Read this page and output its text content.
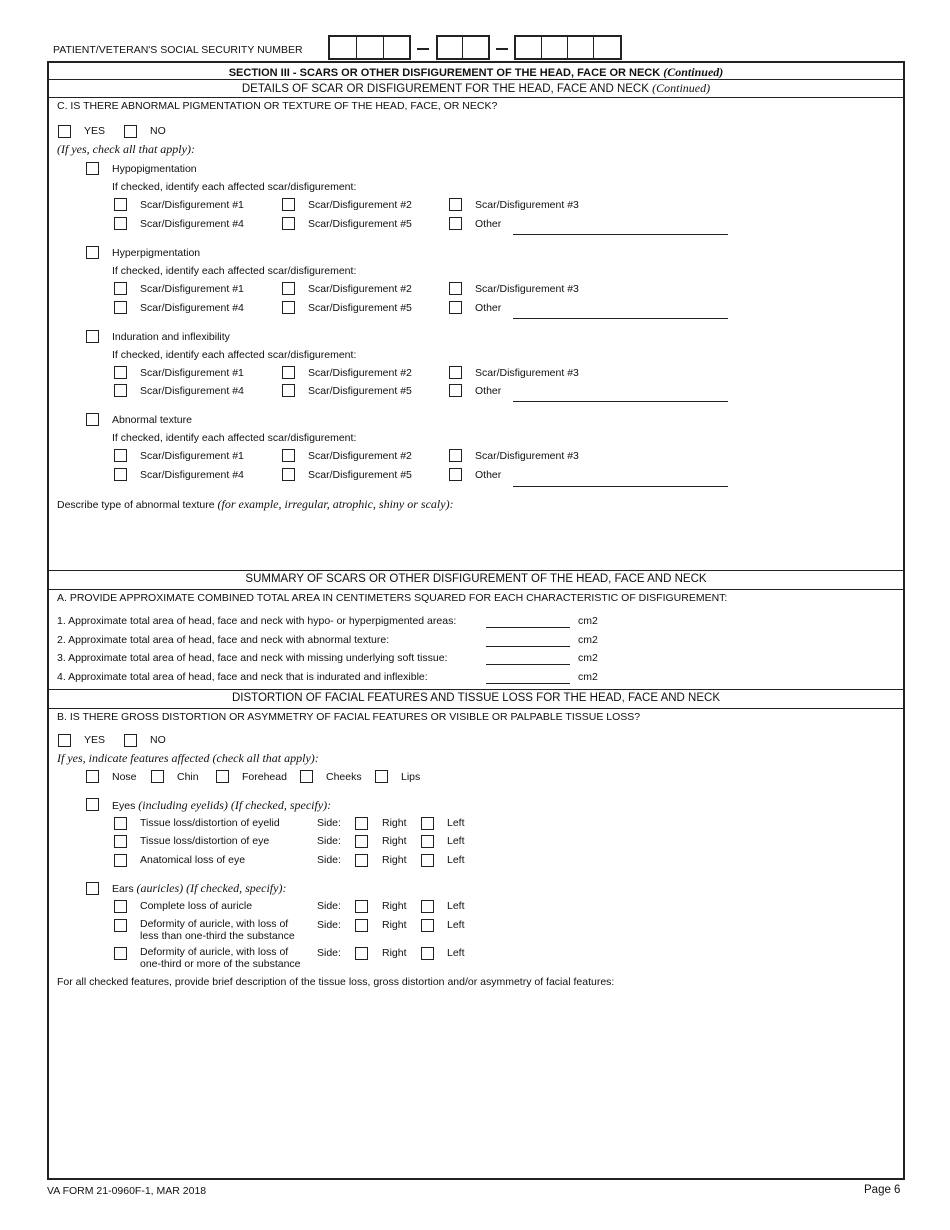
PATIENT/VETERAN'S SOCIAL SECURITY NUMBER
SECTION III - SCARS OR OTHER DISFIGUREMENT OF THE HEAD, FACE OR NECK (Continued)
DETAILS OF SCAR OR DISFIGUREMENT FOR THE HEAD, FACE AND NECK (Continued)
C. IS THERE ABNORMAL PIGMENTATION OR TEXTURE OF THE HEAD, FACE, OR NECK?
YES	NO
(If yes, check all that apply):
Hypopigmentation
If checked, identify each affected scar/disfigurement:
Scar/Disfigurement #1	Scar/Disfigurement #2	Scar/Disfigurement #3
Scar/Disfigurement #4	Scar/Disfigurement #5	Other
Hyperpigmentation
If checked, identify each affected scar/disfigurement:
Scar/Disfigurement #1	Scar/Disfigurement #2	Scar/Disfigurement #3
Scar/Disfigurement #4	Scar/Disfigurement #5	Other
Induration and inflexibility
If checked, identify each affected scar/disfigurement:
Scar/Disfigurement #1	Scar/Disfigurement #2	Scar/Disfigurement #3
Scar/Disfigurement #4	Scar/Disfigurement #5	Other
Abnormal texture
If checked, identify each affected scar/disfigurement:
Scar/Disfigurement #1	Scar/Disfigurement #2	Scar/Disfigurement #3
Scar/Disfigurement #4	Scar/Disfigurement #5	Other
Describe type of abnormal texture (for example, irregular, atrophic, shiny or scaly):
SUMMARY OF SCARS OR OTHER DISFIGUREMENT OF THE HEAD, FACE AND NECK
A. PROVIDE APPROXIMATE COMBINED TOTAL AREA IN CENTIMETERS SQUARED FOR EACH CHARACTERISTIC OF DISFIGUREMENT:
1. Approximate total area of head, face and neck with hypo- or hyperpigmented areas:	cm2
2. Approximate total area of head, face and neck with abnormal texture:	cm2
3. Approximate total area of head, face and neck with missing underlying soft tissue:	cm2
4. Approximate total area of head, face and neck that is indurated and inflexible:	cm2
DISTORTION OF FACIAL FEATURES AND TISSUE LOSS FOR THE HEAD, FACE AND NECK
B. IS THERE GROSS DISTORTION OR ASYMMETRY OF FACIAL FEATURES OR VISIBLE OR PALPABLE TISSUE LOSS?
YES	NO
If yes, indicate features affected (check all that apply):
Nose	Chin	Forehead	Cheeks	Lips
Eyes (including eyelids) (If checked, specify):
Tissue loss/distortion of eyelid	Side:	Right	Left
Tissue loss/distortion of eye	Side:	Right	Left
Anatomical loss of eye	Side:	Right	Left
Ears (auricles) (If checked, specify):
Complete loss of auricle	Side:	Right	Left
Deformity of auricle, with loss of
less than one-third the substance
Side:	Right	Left
Deformity of auricle, with loss of
one-third or more of the substance
Side:	Right	Left
For all checked features, provide brief description of the tissue loss, gross distortion and/or asymmetry of facial features:
VA FORM 21-0960F-1, MAR 2018	Page 6
